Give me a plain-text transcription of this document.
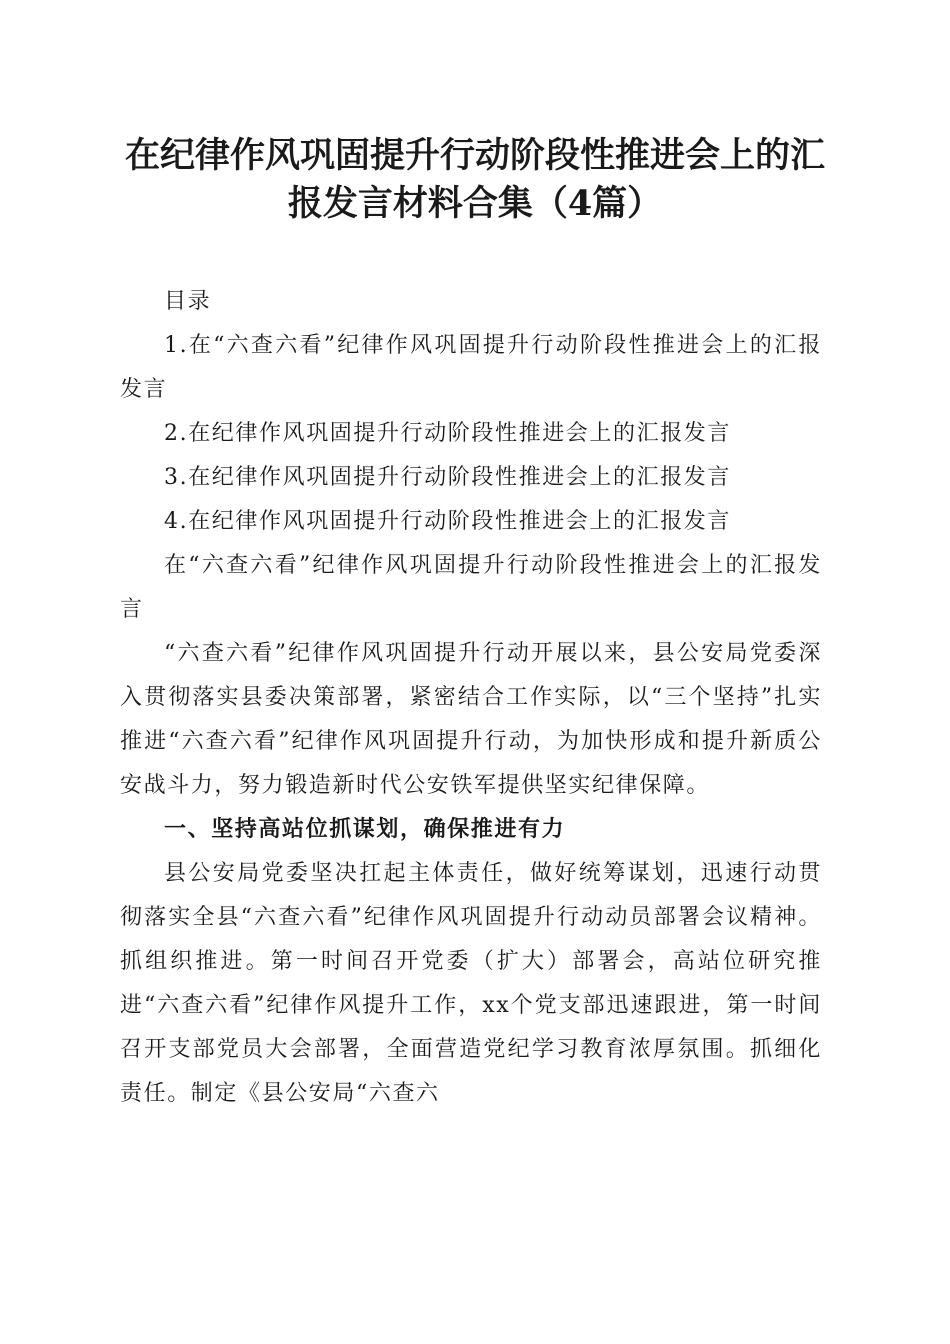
在纪律作风巩固提升行动阶段性推进会上的汇
报发言材料合集（4篇）

目录

1.在“六查六看”纪律作风巩固提升行动阶段性推进会上的汇报发言

2.在纪律作风巩固提升行动阶段性推进会上的汇报发言

3.在纪律作风巩固提升行动阶段性推进会上的汇报发言

4.在纪律作风巩固提升行动阶段性推进会上的汇报发言

在“六查六看”纪律作风巩固提升行动阶段性推进会上的汇报发言

“六查六看”纪律作风巩固提升行动开展以来，县公安局党委深入贯彻落实县委决策部署，紧密结合工作实际，以“三个坚持”扎实推进“六查六看”纪律作风巩固提升行动，为加快形成和提升新质公安战斗力，努力锻造新时代公安铁军提供坚实纪律保障。

一、坚持高站位抓谋划，确保推进有力

县公安局党委坚决扛起主体责任，做好统筹谋划，迅速行动贯彻落实全县“六查六看”纪律作风巩固提升行动动员部署会议精神。抓组织推进。第一时间召开党委（扩大）部署会，高站位研究推进“六查六看”纪律作风提升工作，xx个党支部迅速跟进，第一时间召开支部党员大会部署，全面营造党纪学习教育浓厚氛围。抓细化责任。制定《县公安局“六查六
